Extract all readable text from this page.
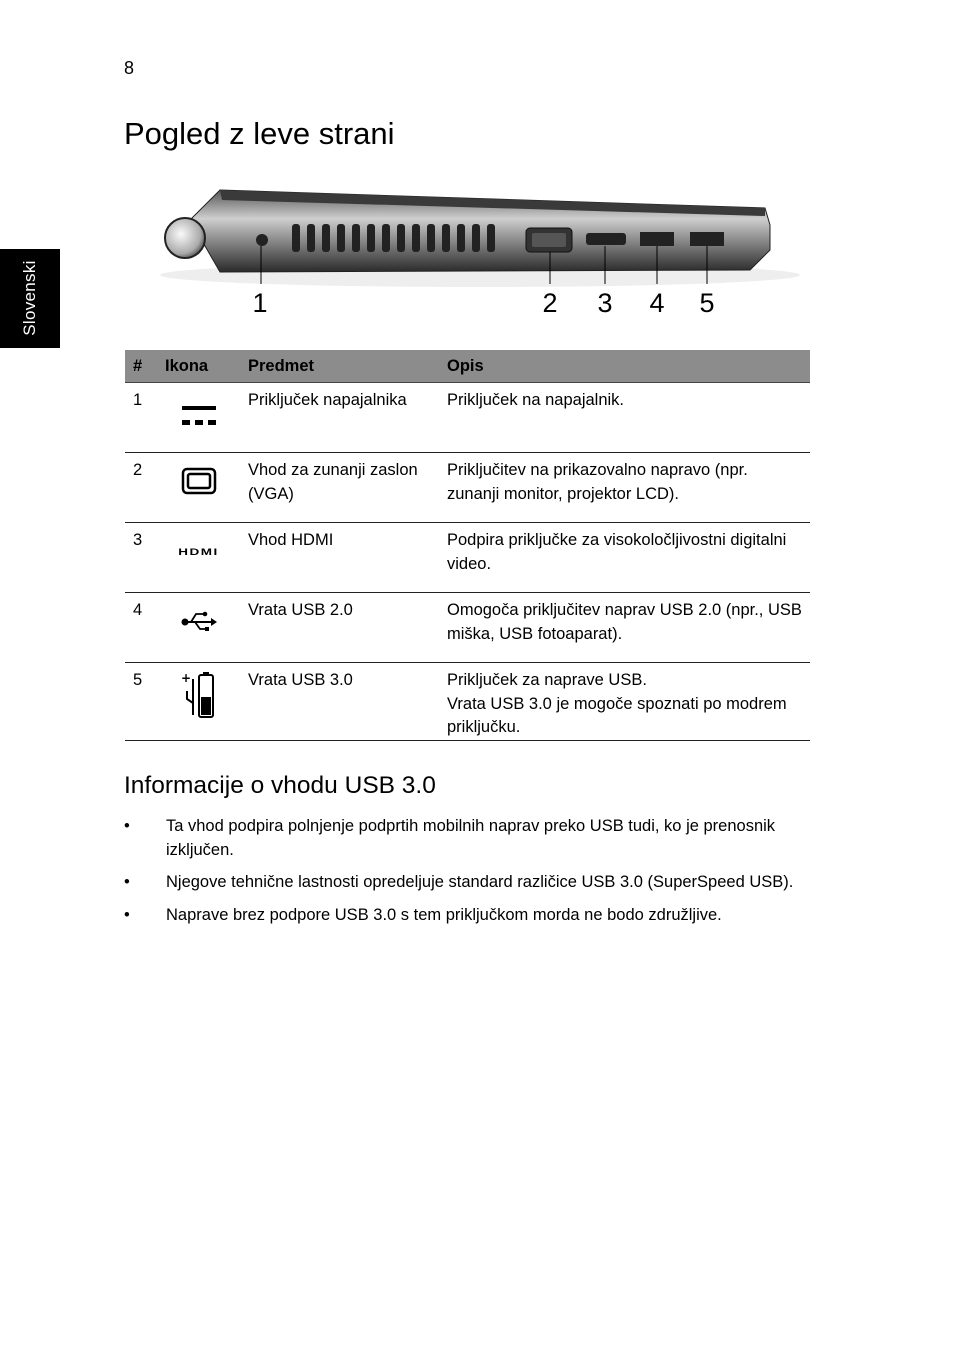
8
Slovenski
Pogled z leve strani
1	2 3 4 5
#	Ikona	Predmet	Opis
1		Priključek napajalnika	Priključek na napajalnik.
2		Vhod za zunanji zaslon (VGA)	Priključitev na prikazovalno napravo (npr. zunanji monitor, projektor LCD).
3	HDMI	Vhod HDMI	Podpira priključke za visokoločljivostni digitalni video.
4		Vrata USB 2.0	Omogoča priključitev naprav USB 2.0 (npr., USB miška, USB fotoaparat).
5	+	Vrata USB 3.0	Priključek za naprave USB.
Vrata USB 3.0 je mogoče spoznati po modrem priključku.
Informacije o vhodu USB 3.0
• Ta vhod podpira polnjenje podprtih mobilnih naprav preko USB tudi, ko je prenosnik izključen.
• Njegove tehnične lastnosti opredeljuje standard različice USB 3.0 (SuperSpeed USB).
• Naprave brez podpore USB 3.0 s tem priključkom morda ne bodo združljive.
